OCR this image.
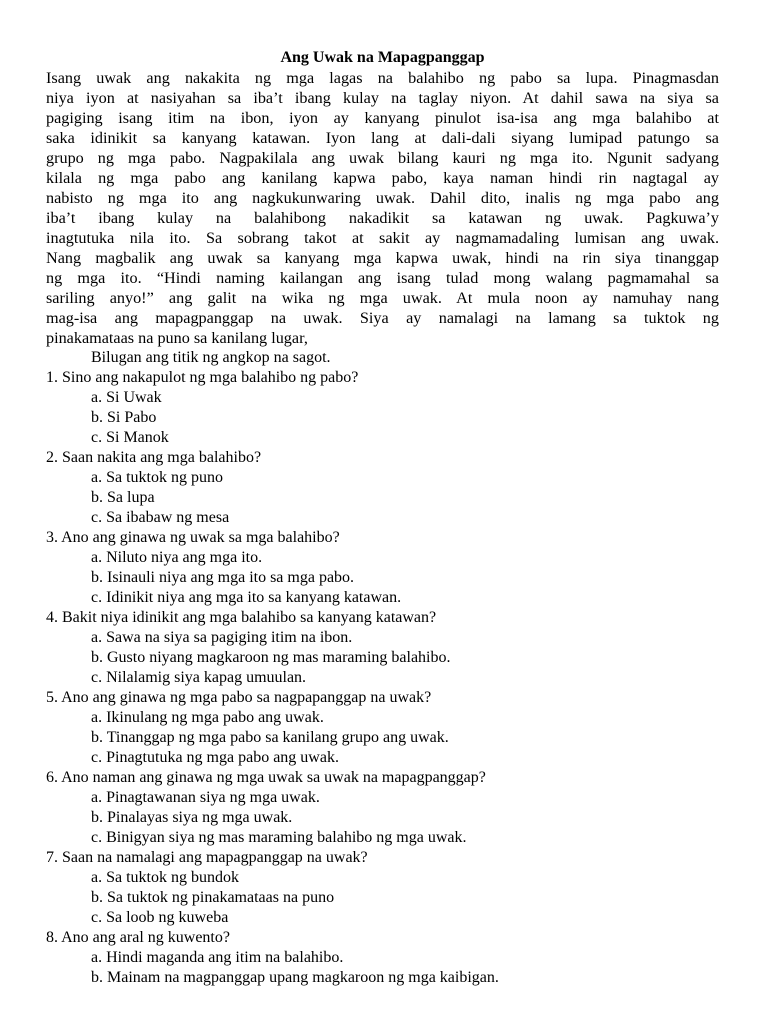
Ang Uwak na Mapagpanggap

Isang uwak ang nakakita ng mga lagas na balahibo ng pabo sa lupa. Pinagmasdan

niya iyon at nasiyahan sa iba’t ibang kulay na taglay niyon. At dahil sawa na siya sa

pagiging isang itim na ibon, iyon ay kanyang pinulot isa-isa ang mga balahibo at

saka idinikit sa kanyang katawan. Iyon lang at dali-dali siyang lumipad patungo sa

grupo ng mga pabo. Nagpakilala ang uwak bilang kauri ng mga ito. Ngunit sadyang

kilala ng mga pabo ang kanilang kapwa pabo, kaya naman hindi rin nagtagal ay

nabisto ng mga ito ang nagkukunwaring uwak. Dahil dito, inalis ng mga pabo ang

iba’t ibang kulay na balahibong nakadikit sa katawan ng uwak. Pagkuwa’y

inagtutuka nila ito. Sa sobrang takot at sakit ay nagmamadaling lumisan ang uwak.

Nang magbalik ang uwak sa kanyang mga kapwa uwak, hindi na rin siya tinanggap

ng mga ito. “Hindi naming kailangan ang isang tulad mong walang pagmamahal sa

sariling anyo!” ang galit na wika ng mga uwak. At mula noon ay namuhay nang

mag-isa ang mapagpanggap na uwak. Siya ay namalagi na lamang sa tuktok ng

pinakamataas na puno sa kanilang lugar,

Bilugan ang titik ng angkop na sagot.

1. Sino ang nakapulot ng mga balahibo ng pabo?

a. Si Uwak
b. Si Pabo
c. Si Manok

2. Saan nakita ang mga balahibo?

a. Sa tuktok ng puno
b. Sa lupa
c. Sa ibabaw ng mesa

3. Ano ang ginawa ng uwak sa mga balahibo?

a. Niluto niya ang mga ito.
b. Isinauli niya ang mga ito sa mga pabo.
c. Idinikit niya ang mga ito sa kanyang katawan.

4. Bakit niya idinikit ang mga balahibo sa kanyang katawan?

a. Sawa na siya sa pagiging itim na ibon.
b. Gusto niyang magkaroon ng mas maraming balahibo.
c. Nilalamig siya kapag umuulan.

5. Ano ang ginawa ng mga pabo sa nagpapanggap na uwak?

a. Ikinulang ng mga pabo ang uwak.
b. Tinanggap ng mga pabo sa kanilang grupo ang uwak.
c. Pinagtutuka ng mga pabo ang uwak.

6. Ano naman ang ginawa ng mga uwak sa uwak na mapagpanggap?

a. Pinagtawanan siya ng mga uwak.
b. Pinalayas siya ng mga uwak.
c. Binigyan siya ng mas maraming balahibo ng mga uwak.

7. Saan na namalagi ang mapagpanggap na uwak?

a. Sa tuktok ng bundok
b. Sa tuktok ng pinakamataas na puno
c. Sa loob ng kuweba

8. Ano ang aral ng kuwento?

a. Hindi maganda ang itim na balahibo.
b. Mainam na magpanggap upang magkaroon ng mga kaibigan.
